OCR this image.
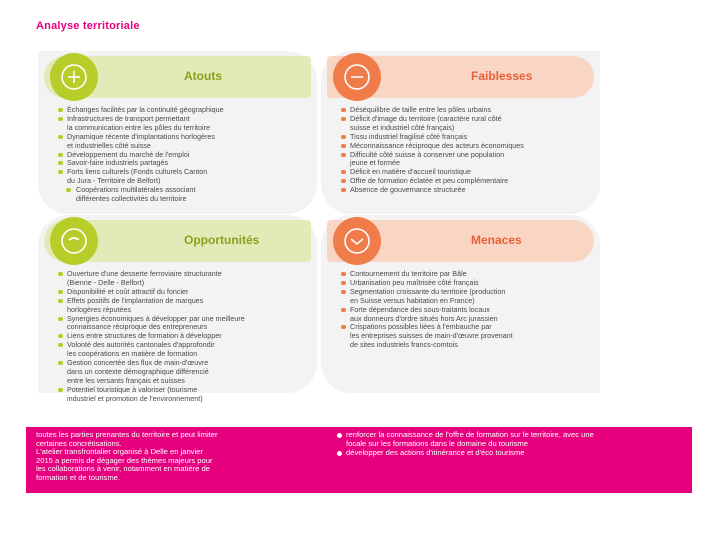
Analyse territoriale
Atouts
Échanges facilités par la continuité géographique
Infrastructures de transport permettant
la communication entre les pôles du territoire
Dynamique récente d'implantations horlogères
et industrielles côté suisse
Développement du marché de l'emploi
Savoir-faire industriels partagés
Forts liens culturels (Fonds culturels Canton
du Jura - Territoire de Belfort)
Coopérations multilatérales associant
différentes collectivités du territoire
Faiblesses
Déséquilibre de taille entre les pôles urbains
Déficit d'image du territoire (caractère rural côté
suisse et industriel côté français)
Tissu industriel fragilisé côté français
Méconnaissance réciproque des acteurs économiques
Difficulté côté suisse à conserver une population
jeune et formée
Déficit en matière d'accueil touristique
Offre de formation éclatée et peu complémentaire
Absence de gouvernance structurée
Opportunités
Ouverture d'une desserte ferroviaire structurante
(Bienne - Delle - Belfort)
Disponibilité et coût attractif du foncier
Effets positifs de l'implantation de marques
horlogères réputées
Synergies économiques à développer par une meilleure
connaissance réciproque des entrepreneurs
Liens entre structures de formation à développer
Volonté des autorités cantonales d'approfondir
les coopérations en matière de formation
Gestion concertée des flux de main-d'œuvre
dans un contexte démographique différencié
entre les versants français et suisses
Potentiel touristique à valoriser (tourisme
industriel et promotion de l'environnement)
Menaces
Contournement du territoire par Bâle
Urbanisation peu maîtrisée côté français
Segmentation croissante du territoire (production
en Suisse versus habitation en France)
Forte dépendance des sous-traitants locaux
aux donneurs d'ordre situés hors Arc jurassien
Crispations possibles liées à l'embauche par
les entreprises suisses de main-d'œuvre provenant
de sites industriels francs-comtois

toutes les parties prenantes du territoire et peut limiter

certaines concrétisations.

L'atelier transfrontalier organisé à Delle en janvier

2015 a permis de dégager des thèmes majeurs pour

les collaborations à venir, notamment en matière de

formation et de tourisme.

renforcer la connaissance de l'offre de formation sur le territoire, avec une focale sur les formations dans le domaine du tourisme

développer des actions d'itinérance et d'éco tourisme
